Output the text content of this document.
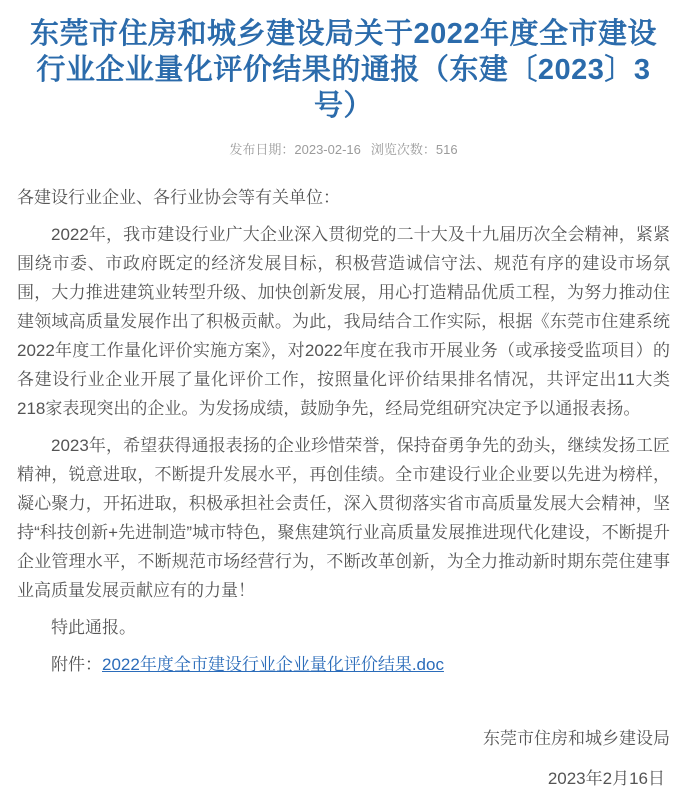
东莞市住房和城乡建设局关于2022年度全市建设行业企业量化评价结果的通报（东建〔2023〕3号）
发布日期：2023-02-16 浏览次数：516

各建设行业企业、各行业协会等有关单位：

2022年，我市建设行业广大企业深入贯彻党的二十大及十九届历次全会精神，紧紧围绕市委、市政府既定的经济发展目标，积极营造诚信守法、规范有序的建设市场氛围，大力推进建筑业转型升级、加快创新发展，用心打造精品优质工程，为努力推动住建领域高质量发展作出了积极贡献。为此，我局结合工作实际，根据《东莞市住建系统2022年度工作量化评价实施方案》，对2022年度在我市开展业务（或承接受监项目）的各建设行业企业开展了量化评价工作，按照量化评价结果排名情况，共评定出11大类218家表现突出的企业。为发扬成绩，鼓励争先，经局党组研究决定予以通报表扬。

2023年，希望获得通报表扬的企业珍惜荣誉，保持奋勇争先的劲头，继续发扬工匠精神，锐意进取，不断提升发展水平，再创佳绩。全市建设行业企业要以先进为榜样，凝心聚力，开拓进取，积极承担社会责任，深入贯彻落实省市高质量发展大会精神，坚持“科技创新+先进制造”城市特色，聚焦建筑行业高质量发展推进现代化建设，不断提升企业管理水平，不断规范市场经营行为，不断改革创新，为全力推动新时期东莞住建事业高质量发展贡献应有的力量！

特此通报。

附件：2022年度全市建设行业企业量化评价结果.doc

东莞市住房和城乡建设局

2023年2月16日
